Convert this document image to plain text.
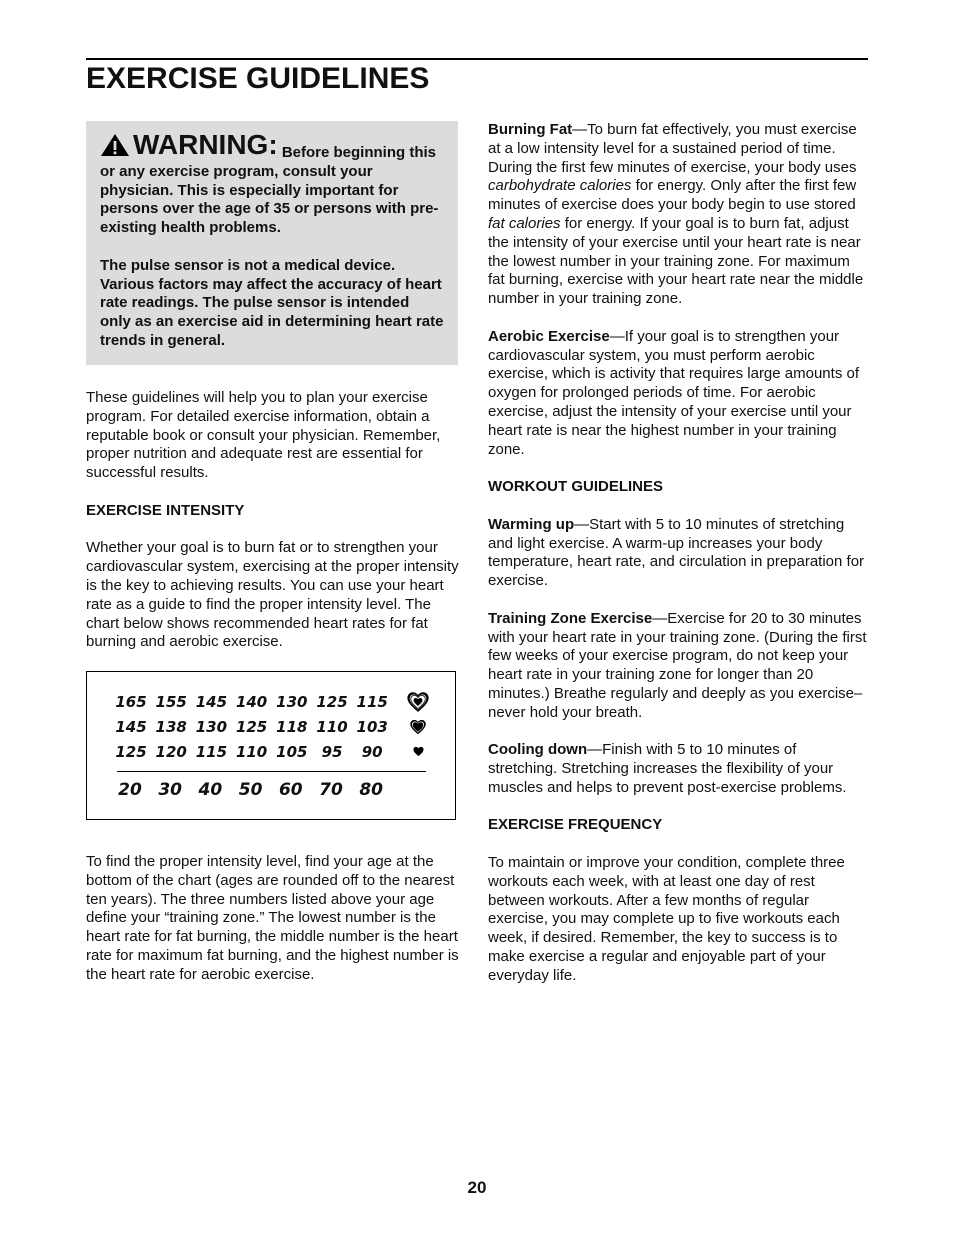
EXERCISE GUIDELINES

WARNING: Before beginning this or any exercise program, consult your physician. This is especially important for persons over the age of 35 or persons with pre-existing health problems.

The pulse sensor is not a medical device. Various factors may affect the accuracy of heart rate readings. The pulse sensor is intended only as an exercise aid in determining heart rate trends in general.

These guidelines will help you to plan your exercise program. For detailed exercise information, obtain a reputable book or consult your physician. Remember, proper nutrition and adequate rest are essential for successful results.

EXERCISE INTENSITY

Whether your goal is to burn fat or to strengthen your cardiovascular system, exercising at the proper intensity is the key to achieving results. You can use your heart rate as a guide to find the proper intensity level. The chart below shows recommended heart rates for fat burning and aerobic exercise.

165 155 145 140 130 125 115
145 138 130 125 118 110 103
125 120 115 110 105 95	90
20 30 40 50 60 70 80

To find the proper intensity level, find your age at the bottom of the chart (ages are rounded off to the nearest ten years). The three numbers listed above your age define your “training zone.” The lowest number is the heart rate for fat burning, the middle number is the heart rate for maximum fat burning, and the highest number is the heart rate for aerobic exercise.

Burning Fat—To burn fat effectively, you must exercise at a low intensity level for a sustained period of time. During the first few minutes of exercise, your body uses carbohydrate calories for energy. Only after the first few minutes of exercise does your body begin to use stored fat calories for energy. If your goal is to burn fat, adjust the intensity of your exercise until your heart rate is near the lowest number in your training zone. For maximum fat burning, exercise with your heart rate near the middle number in your training zone.

Aerobic Exercise—If your goal is to strengthen your cardiovascular system, you must perform aerobic exercise, which is activity that requires large amounts of oxygen for prolonged periods of time. For aerobic exercise, adjust the intensity of your exercise until your heart rate is near the highest number in your training zone.

WORKOUT GUIDELINES

Warming up—Start with 5 to 10 minutes of stretching and light exercise. A warm-up increases your body temperature, heart rate, and circulation in preparation for exercise.

Training Zone Exercise—Exercise for 20 to 30 minutes with your heart rate in your training zone. (During the first few weeks of your exercise program, do not keep your heart rate in your training zone for longer than 20 minutes.) Breathe regularly and deeply as you exercise–never hold your breath.

Cooling down—Finish with 5 to 10 minutes of stretching. Stretching increases the flexibility of your muscles and helps to prevent post-exercise problems.

EXERCISE FREQUENCY

To maintain or improve your condition, complete three workouts each week, with at least one day of rest between workouts. After a few months of regular exercise, you may complete up to five workouts each week, if desired. Remember, the key to success is to make exercise a regular and enjoyable part of your everyday life.

20
